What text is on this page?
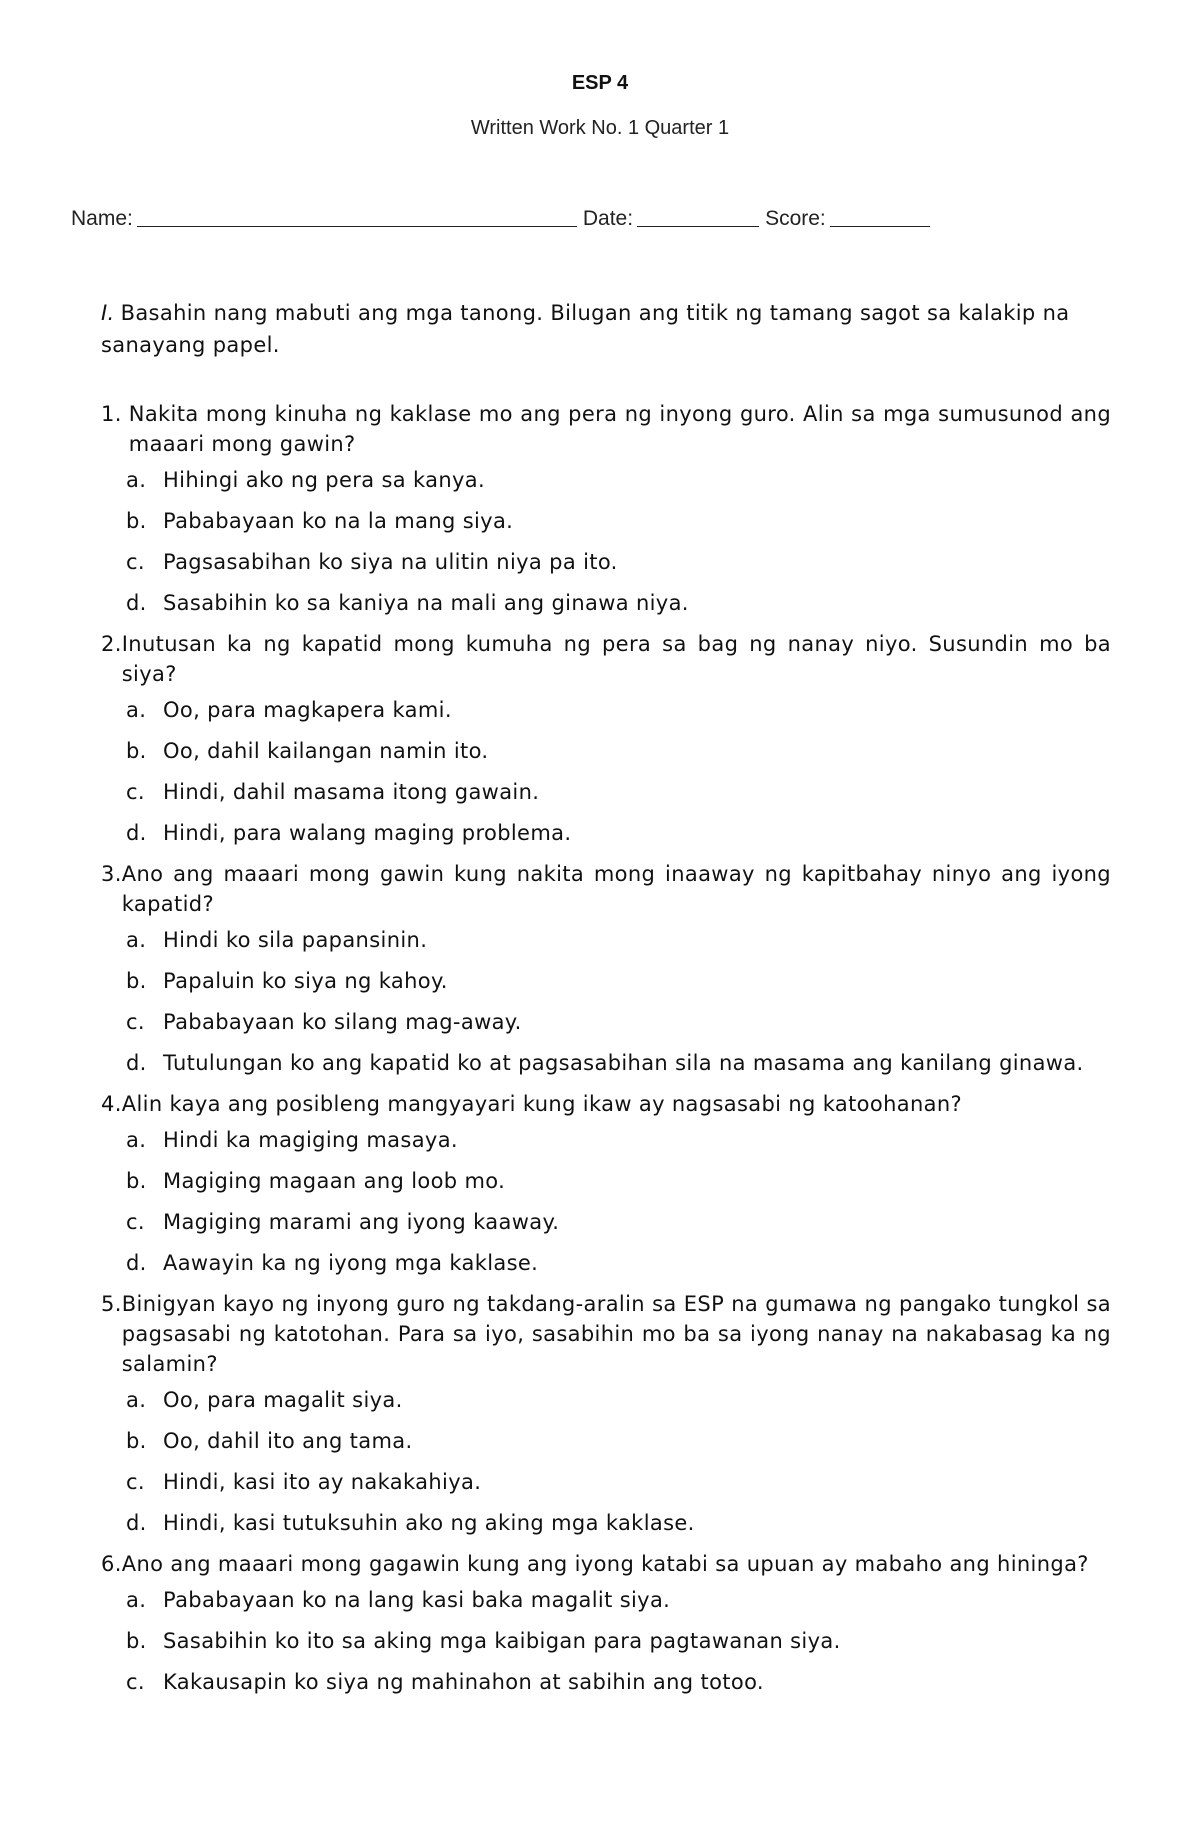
ESP 4
Written Work No. 1 Quarter 1
Name:	Date:	Score:
I. Basahin nang mabuti ang mga tanong. Bilugan ang titik ng tamang sagot sa kalakip na sanayang papel.
1. Nakita mong kinuha ng kaklase mo ang pera ng inyong guro. Alin sa mga sumusunod ang maaari mong gawin?
a. Hihingi ako ng pera sa kanya.
b. Pababayaan ko na la mang siya.
c. Pagsasabihan ko siya na ulitin niya pa ito.
d. Sasabihin ko sa kaniya na mali ang ginawa niya.
2. Inutusan ka ng kapatid mong kumuha ng pera sa bag ng nanay niyo. Susundin mo ba siya?
a. Oo, para magkapera kami.
b. Oo, dahil kailangan namin ito.
c. Hindi, dahil masama itong gawain.
d. Hindi, para walang maging problema.
3. Ano ang maaari mong gawin kung nakita mong inaaway ng kapitbahay ninyo ang iyong kapatid?
a. Hindi ko sila papansinin.
b. Papaluin ko siya ng kahoy.
c. Pababayaan ko silang mag-away.
d. Tutulungan ko ang kapatid ko at pagsasabihan sila na masama ang kanilang ginawa.
4. Alin kaya ang posibleng mangyayari kung ikaw ay nagsasabi ng katoohanan?
a. Hindi ka magiging masaya.
b. Magiging magaan ang loob mo.
c. Magiging marami ang iyong kaaway.
d. Aawayin ka ng iyong mga kaklase.
5. Binigyan kayo ng inyong guro ng takdang-aralin sa ESP na gumawa ng pangako tungkol sa pagsasabi ng katotohan. Para sa iyo, sasabihin mo ba sa iyong nanay na nakabasag ka ng salamin?
a. Oo, para magalit siya.
b. Oo, dahil ito ang tama.
c. Hindi, kasi ito ay nakakahiya.
d. Hindi, kasi tutuksuhin ako ng aking mga kaklase.
6. Ano ang maaari mong gagawin kung ang iyong katabi sa upuan ay mabaho ang hininga?
a. Pababayaan ko na lang kasi baka magalit siya.
b. Sasabihin ko ito sa aking mga kaibigan para pagtawanan siya.
c. Kakausapin ko siya ng mahinahon at sabihin ang totoo.
